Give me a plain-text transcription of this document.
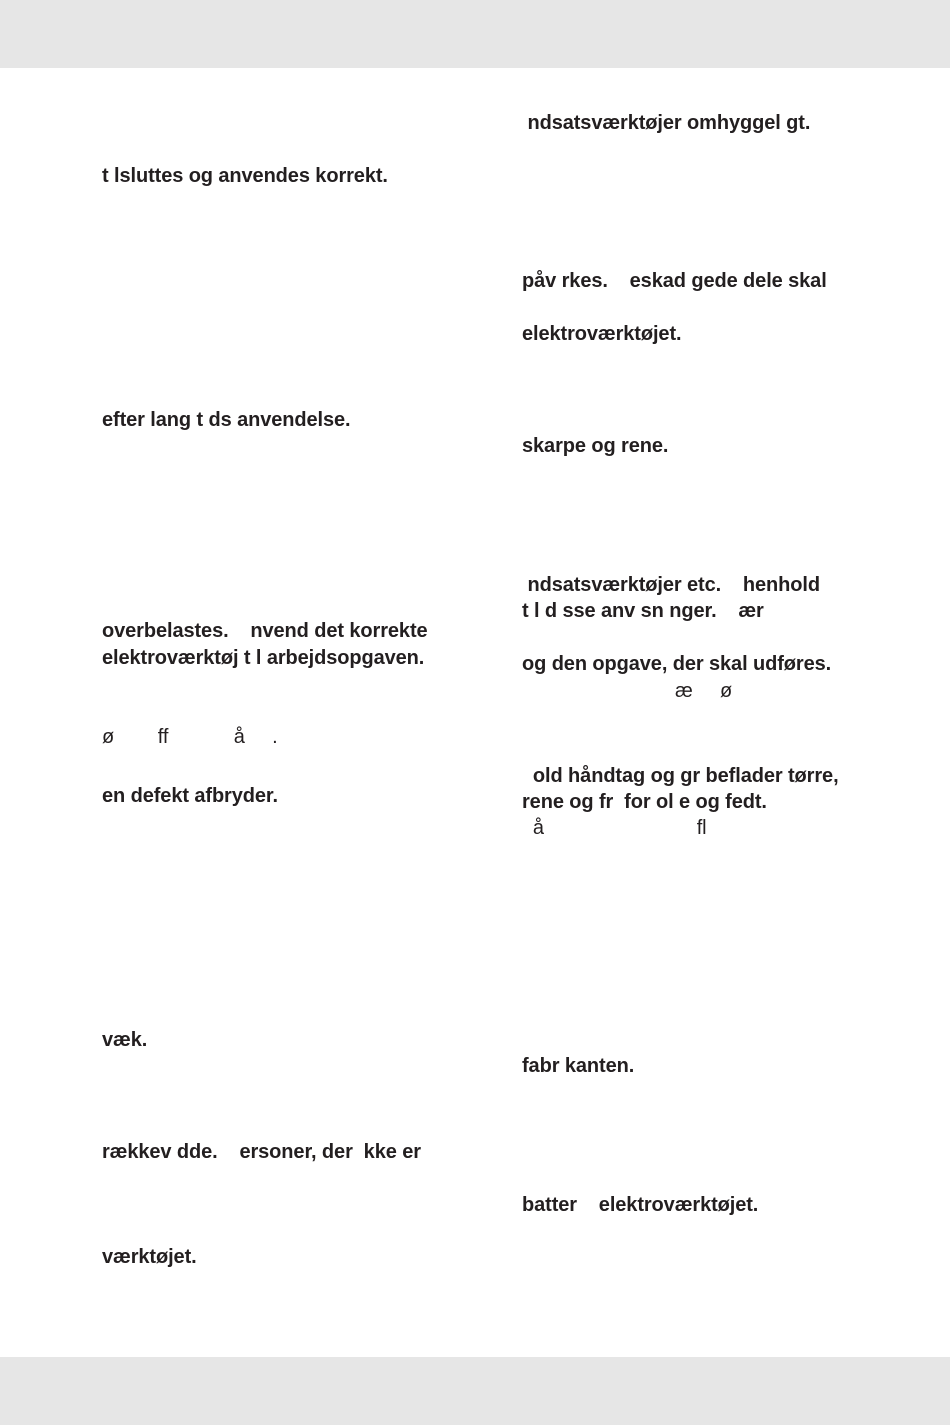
t lsluttes og anvendes korrekt.

efter lang t ds anvendelse.

overbelastes.    nvend det korrekte

elektroværktøj t l arbejdsopgaven.

ø        ff            å     .

en defekt afbryder.

væk.

rækkev dde.    ersoner, der  kke er

værktøjet.

ndsatsværktøjer omhyggel gt.

påv rkes.    eskad gede dele skal

elektroværktøjet.

skarpe og rene.

ndsatsværktøjer etc.    henhold

t l d sse anv sn nger.    ær

og den opgave, der skal udføres.

æ     ø

old håndtag og gr beflader tørre,

rene og fr  for ol e og fedt.

å                            fl

fabr kanten.

batter    elektroværktøjet.
